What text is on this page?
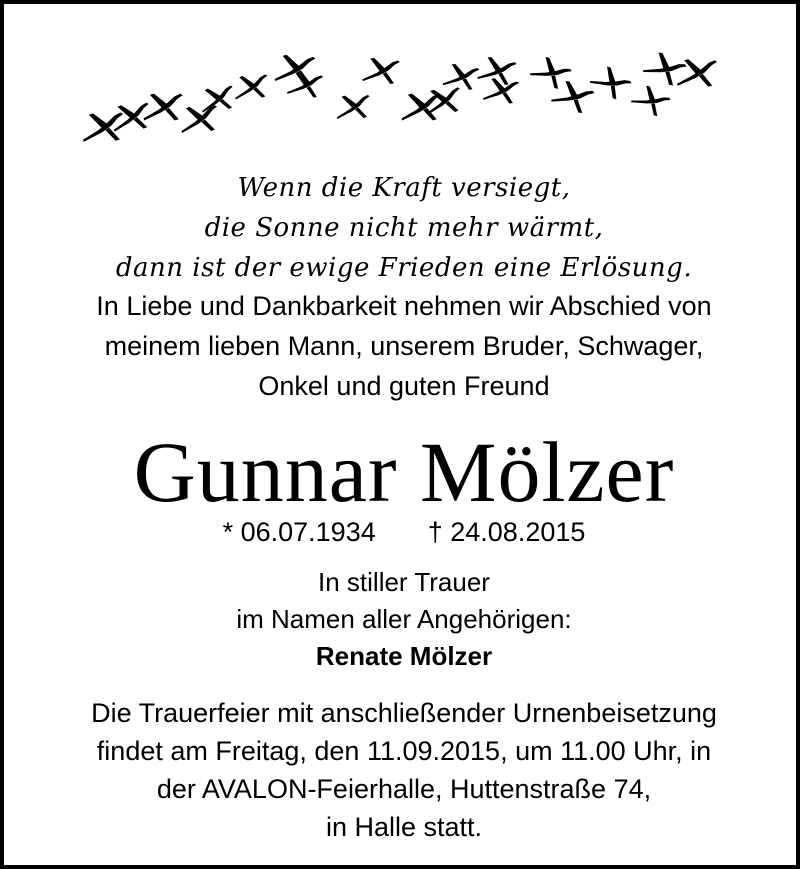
Wenn die Kraft versiegt,
die Sonne nicht mehr wärmt,
dann ist der ewige Frieden eine Erlösung.
In Liebe und Dankbarkeit nehmen wir Abschied von
meinem lieben Mann, unserem Bruder, Schwager,
Onkel und guten Freund
Gunnar Mölzer
* 06.07.1934 † 24.08.2015
In stiller Trauer
im Namen aller Angehörigen:
Renate Mölzer
Die Trauerfeier mit anschließender Urnenbeisetzung
findet am Freitag, den 11.09.2015, um 11.00 Uhr, in
der AVALON-Feierhalle, Huttenstraße 74,
in Halle statt.
